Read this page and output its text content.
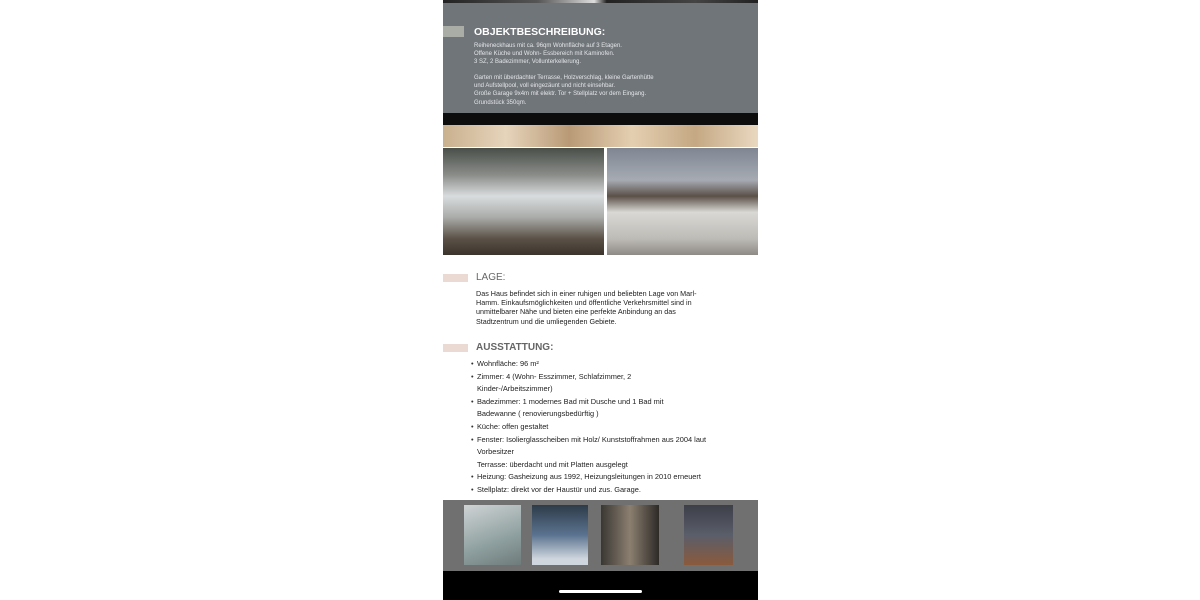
OBJEKTBESCHREIBUNG:
Reiheneckhaus mit ca. 96qm Wohnfläche auf 3 Etagen.
Offene Küche und Wohn- Essbereich mit Kaminofen.
3 SZ, 2 Badezimmer, Vollunterkellerung.
Garten mit überdachter Terrasse, Holzverschlag, kleine Gartenhütte
und Aufstellpool, voll eingezäunt und nicht einsehbar.
Große Garage 9x4m mit elektr. Tor + Stellplatz vor dem Eingang.
Grundstück 350qm.
LAGE:
Das Haus befindet sich in einer ruhigen und beliebten Lage von Marl-Hamm. Einkaufsmöglichkeiten und öffentliche Verkehrsmittel sind in unmittelbarer Nähe und bieten eine perfekte Anbindung an das Stadtzentrum und die umliegenden Gebiete.
AUSSTATTUNG:
• Wohnfläche: 96 m²
• Zimmer: 4 (Wohn- Esszimmer, Schlafzimmer, 2 Kinder-/Arbeitszimmer)
• Badezimmer: 1 modernes Bad mit Dusche und 1 Bad mit Badewanne ( renovierungsbedürftig )
• Küche: offen gestaltet
• Fenster: Isolierglasscheiben mit Holz/ Kunststoffrahmen aus 2004 laut Vorbesitzer
Terrasse: überdacht und mit Platten ausgelegt
• Heizung: Gasheizung aus 1992, Heizungsleitungen in 2010 erneuert
• Stellplatz: direkt vor der Haustür und zus. Garage.
